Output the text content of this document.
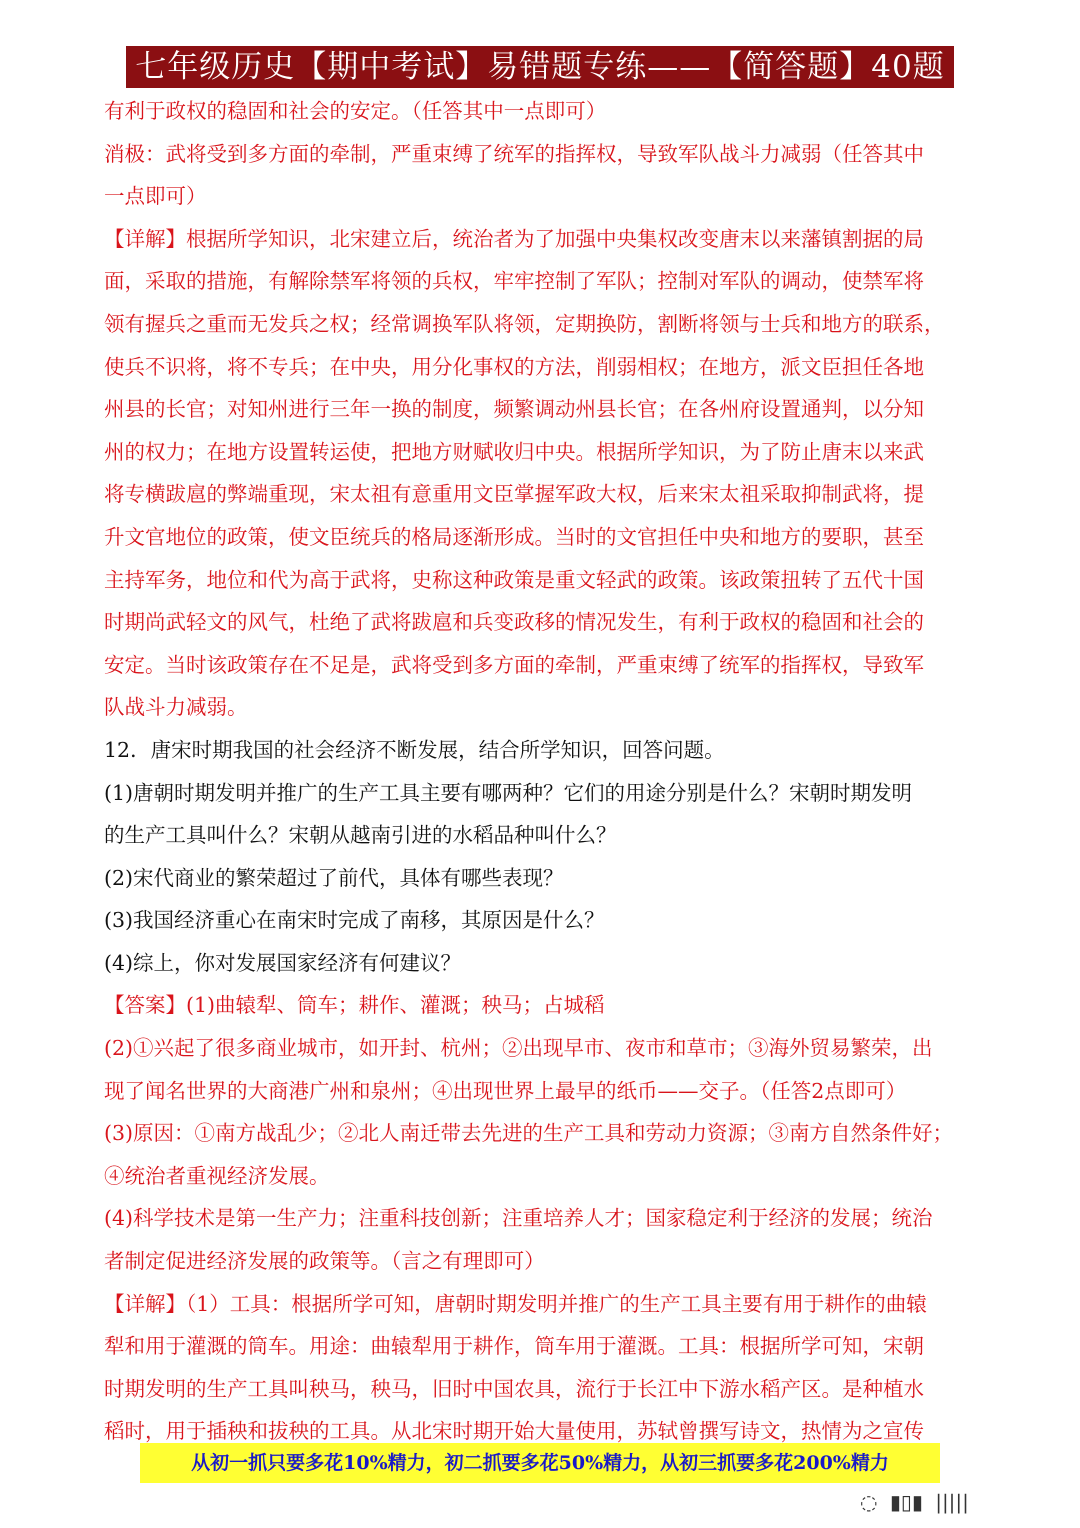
七年级历史【期中考试】易错题专练——【简答题】40题
有利于政权的稳固和社会的安定。（任答其中一点即可）
消极：武将受到多方面的牵制，严重束缚了统军的指挥权，导致军队战斗力减弱（任答其中
一点即可）
【详解】根据所学知识，北宋建立后，统治者为了加强中央集权改变唐末以来藩镇割据的局
面，采取的措施，有解除禁军将领的兵权，牢牢控制了军队；控制对军队的调动，使禁军将
领有握兵之重而无发兵之权；经常调换军队将领，定期换防，割断将领与士兵和地方的联系，
使兵不识将，将不专兵；在中央，用分化事权的方法，削弱相权；在地方，派文臣担任各地
州县的长官；对知州进行三年一换的制度，频繁调动州县长官；在各州府设置通判，以分知
州的权力；在地方设置转运使，把地方财赋收归中央。根据所学知识，为了防止唐末以来武
将专横跋扈的弊端重现，宋太祖有意重用文臣掌握军政大权，后来宋太祖采取抑制武将，提
升文官地位的政策，使文臣统兵的格局逐渐形成。当时的文官担任中央和地方的要职，甚至
主持军务，地位和代为高于武将，史称这种政策是重文轻武的政策。该政策扭转了五代十国
时期尚武轻文的风气，杜绝了武将跋扈和兵变政移的情况发生，有利于政权的稳固和社会的
安定。当时该政策存在不足是，武将受到多方面的牵制，严重束缚了统军的指挥权，导致军
队战斗力减弱。
12．唐宋时期我国的社会经济不断发展，结合所学知识，回答问题。
(1)唐朝时期发明并推广的生产工具主要有哪两种？它们的用途分别是什么？宋朝时期发明
的生产工具叫什么？宋朝从越南引进的水稻品种叫什么？
(2)宋代商业的繁荣超过了前代，具体有哪些表现？
(3)我国经济重心在南宋时完成了南移，其原因是什么？
(4)综上，你对发展国家经济有何建议？
【答案】(1)曲辕犁、筒车；耕作、灌溉；秧马；占城稻
(2)①兴起了很多商业城市，如开封、杭州；②出现早市、夜市和草市；③海外贸易繁荣，出
现了闻名世界的大商港广州和泉州；④出现世界上最早的纸币——交子。（任答2点即可）
(3)原因：①南方战乱少；②北人南迁带去先进的生产工具和劳动力资源；③南方自然条件好；
④统治者重视经济发展。
(4)科学技术是第一生产力；注重科技创新；注重培养人才；国家稳定利于经济的发展；统治
者制定促进经济发展的政策等。（言之有理即可）
【详解】（1）工具：根据所学可知，唐朝时期发明并推广的生产工具主要有用于耕作的曲辕
犁和用于灌溉的筒车。用途：曲辕犁用于耕作，筒车用于灌溉。工具：根据所学可知，宋朝
时期发明的生产工具叫秧马，秧马，旧时中国农具，流行于长江中下游水稻产区。是种植水
稻时，用于插秧和拔秧的工具。从北宋时期开始大量使用，苏轼曾撰写诗文，热情为之宣传
从初一抓只要多花10%精力，初二抓要多花50%精力，从初三抓要多花200%精力
◌ ▮▯▮ |||||
